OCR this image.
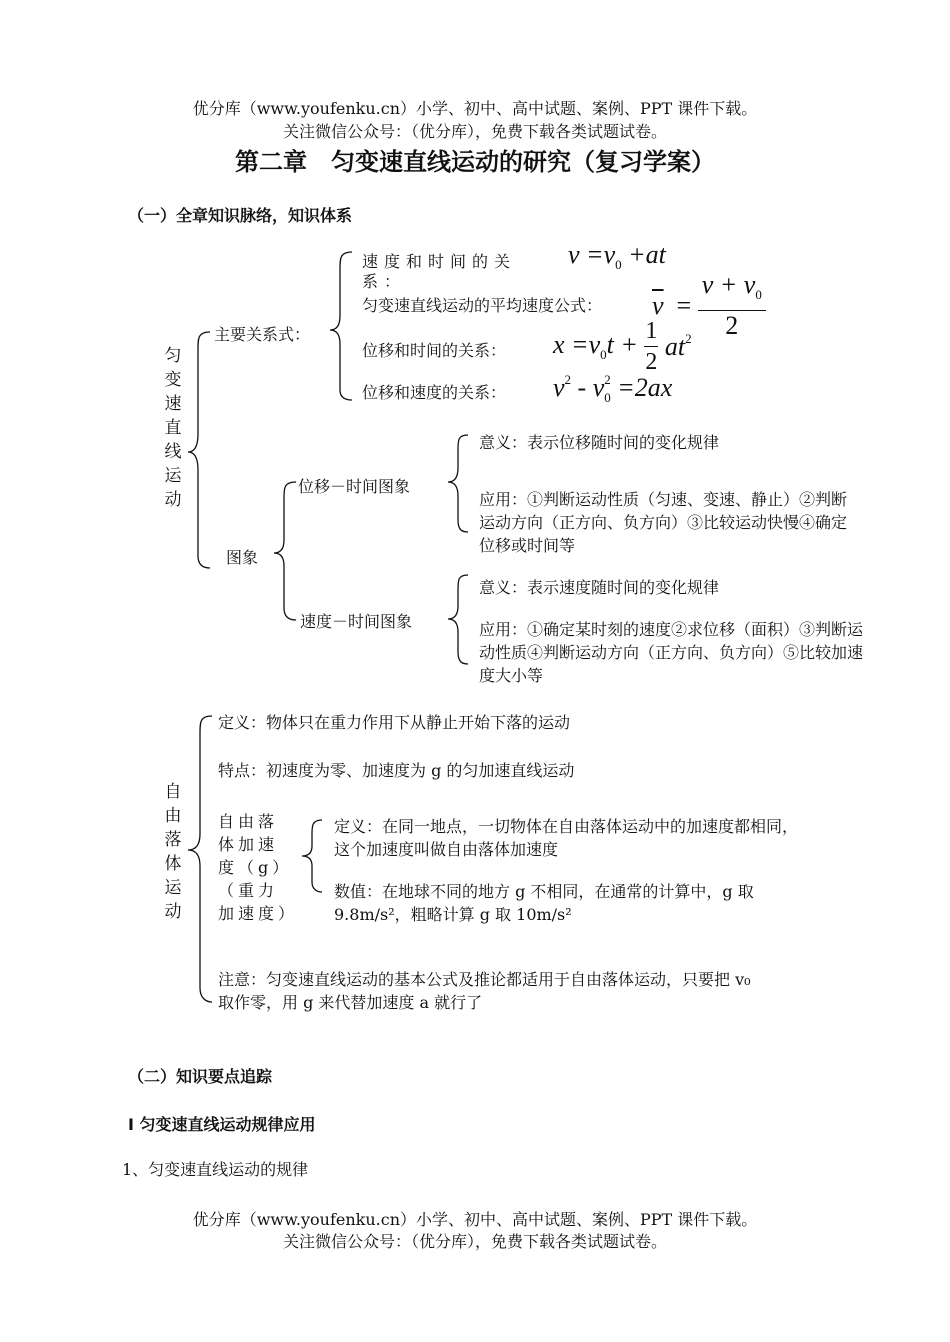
优分库（www.youfenku.cn）小学、初中、高中试题、案例、PPT 课件下载。
关注微信公众号：（优分库），免费下载各类试题试卷。
第二章　匀变速直线运动的研究（复习学案）
（一）全章知识脉络，知识体系
匀变速直线运动
主要关系式：
速度和时间的关系：
$v =v_0 +at$
匀变速直线运动的平均速度公式： $\overline{v} = \frac{v + v_0}{2}$
位移和时间的关系： $x =v_0t + \frac{1}{2} at^2$
位移和速度的关系： $v^2$ - v $_{2 0}$ =2ax
图象
位移－时间图象
意义：表示位移随时间的变化规律
应用：①判断运动性质（匀速、变速、静止）②判断运动方向（正方向、负方向）③比较运动快慢④确定位移或时间等
速度－时间图象
意义：表示速度随时间的变化规律
应用：①确定某时刻的速度②求位移（面积）③判断运动性质④判断运动方向（正方向、负方向）⑤比较加速度大小等
自由落体运动
定义：物体只在重力作用下从静止开始下落的运动
特点：初速度为零、加速度为 g 的匀加速直线运动
自由落体加速度（g）（重力加速度）
定义：在同一地点，一切物体在自由落体运动中的加速度都相同，这个加速度叫做自由落体加速度
数值：在地球不同的地方 g 不相同，在通常的计算中，g 取 9.8m/s²，粗略计算 g 取 10m/s²
注意：匀变速直线运动的基本公式及推论都适用于自由落体运动，只要把 v₀ 取作零，用 g 来代替加速度 a 就行了
（二）知识要点追踪
Ⅰ 匀变速直线运动规律应用
1、匀变速直线运动的规律
优分库（www.youfenku.cn）小学、初中、高中试题、案例、PPT 课件下载。
关注微信公众号：（优分库），免费下载各类试题试卷。
